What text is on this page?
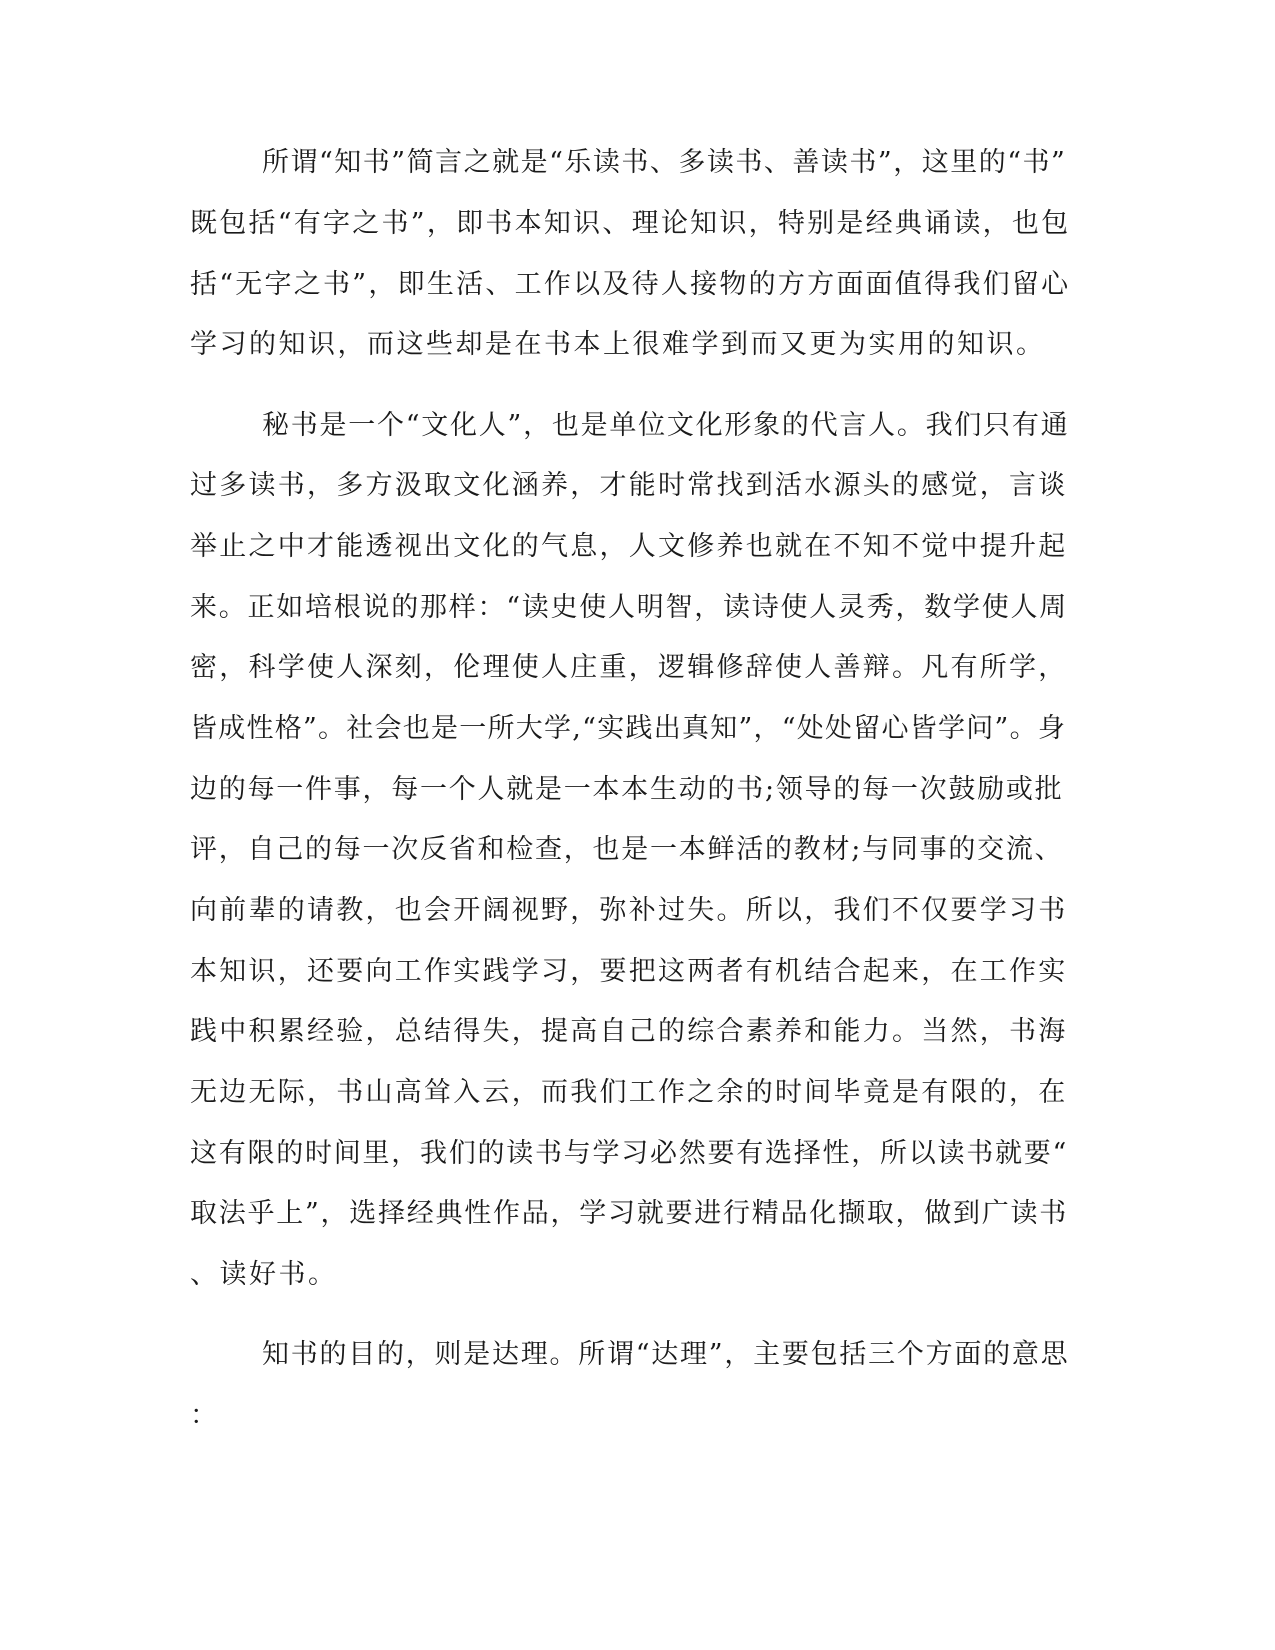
所谓“知书”简言之就是“乐读书、多读书、善读书”，这里的“书”
既包括“有字之书”，即书本知识、理论知识，特别是经典诵读，也包
括“无字之书”，即生活、工作以及待人接物的方方面面值得我们留心
学习的知识，而这些却是在书本上很难学到而又更为实用的知识。
秘书是一个“文化人”，也是单位文化形象的代言人。我们只有通
过多读书，多方汲取文化涵养，才能时常找到活水源头的感觉，言谈
举止之中才能透视出文化的气息，人文修养也就在不知不觉中提升起
来。正如培根说的那样：“读史使人明智，读诗使人灵秀，数学使人周
密，科学使人深刻，伦理使人庄重，逻辑修辞使人善辩。凡有所学，
皆成性格”。社会也是一所大学,“实践出真知”，“处处留心皆学问”。身
边的每一件事，每一个人就是一本本生动的书;领导的每一次鼓励或批
评，自己的每一次反省和检查，也是一本鲜活的教材;与同事的交流、
向前辈的请教，也会开阔视野，弥补过失。所以，我们不仅要学习书
本知识，还要向工作实践学习，要把这两者有机结合起来，在工作实
践中积累经验，总结得失，提高自己的综合素养和能力。当然，书海
无边无际，书山高耸入云，而我们工作之余的时间毕竟是有限的，在
这有限的时间里，我们的读书与学习必然要有选择性，所以读书就要“
取法乎上”，选择经典性作品，学习就要进行精品化撷取，做到广读书
、读好书。
知书的目的，则是达理。所谓“达理”，主要包括三个方面的意思
：
